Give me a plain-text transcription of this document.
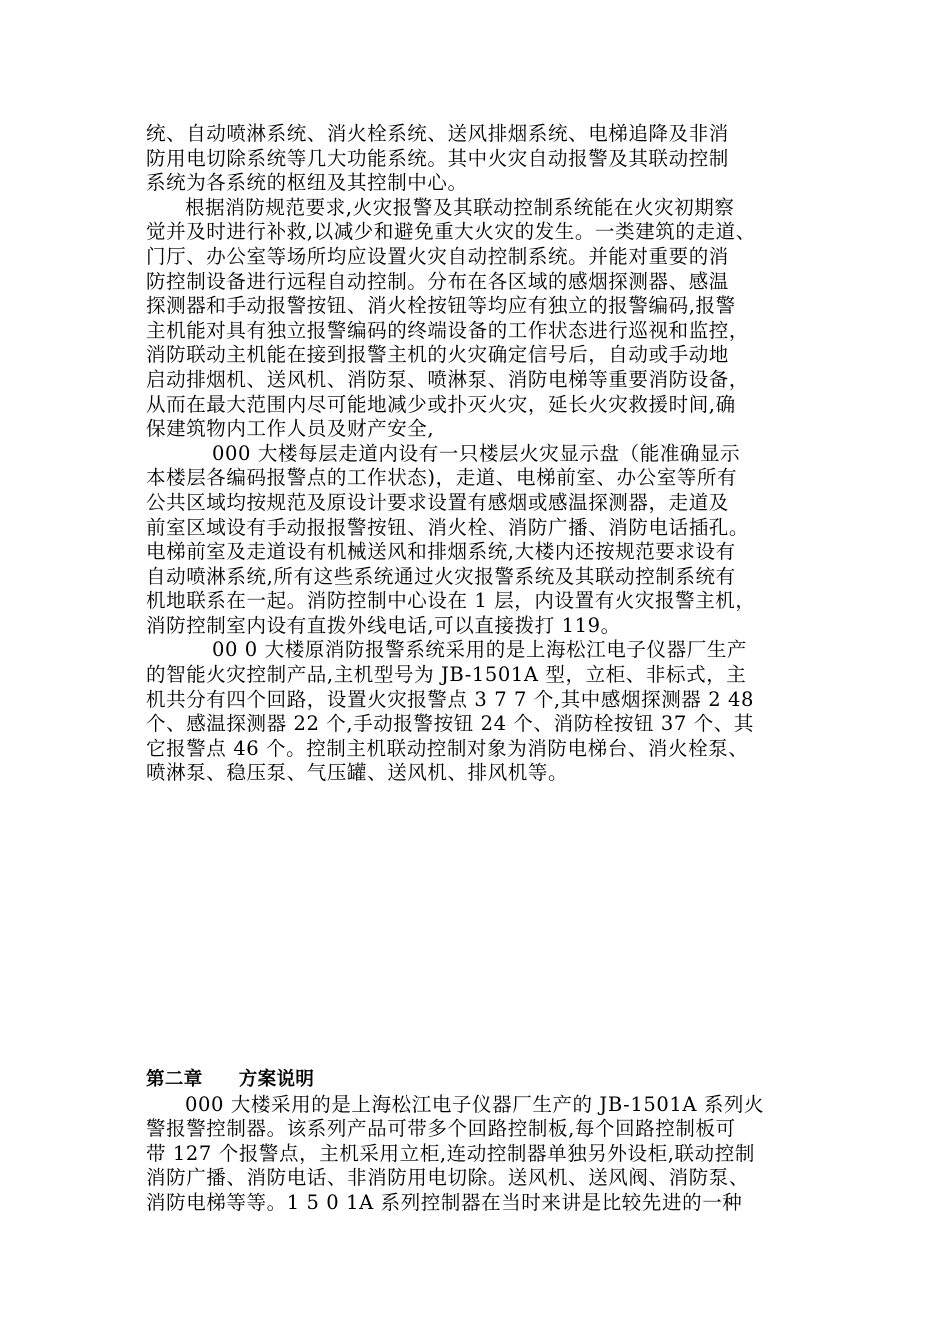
统、自动喷淋系统、消火栓系统、送风排烟系统、电梯追降及非消
防用电切除系统等几大功能系统。其中火灾自动报警及其联动控制
系统为各系统的枢纽及其控制中心。
根据消防规范要求,火灾报警及其联动控制系统能在火灾初期察
觉并及时进行补救,以减少和避免重大火灾的发生。一类建筑的走道、
门厅、办公室等场所均应设置火灾自动控制系统。并能对重要的消
防控制设备进行远程自动控制。分布在各区域的感烟探测器、感温
探测器和手动报警按钮、消火栓按钮等均应有独立的报警编码,报警
主机能对具有独立报警编码的终端设备的工作状态进行巡视和监控，
消防联动主机能在接到报警主机的火灾确定信号后，自动或手动地
启动排烟机、送风机、消防泵、喷淋泵、消防电梯等重要消防设备，
从而在最大范围内尽可能地减少或扑灭火灾，延长火灾救援时间,确
保建筑物内工作人员及财产安全,
000 大楼每层走道内设有一只楼层火灾显示盘（能准确显示
本楼层各编码报警点的工作状态)，走道、电梯前室、办公室等所有
公共区域均按规范及原设计要求设置有感烟或感温探测器，走道及
前室区域设有手动报报警按钮、消火栓、消防广播、消防电话插孔。
电梯前室及走道设有机械送风和排烟系统,大楼内还按规范要求设有
自动喷淋系统,所有这些系统通过火灾报警系统及其联动控制系统有
机地联系在一起。消防控制中心设在 1 层，内设置有火灾报警主机，
消防控制室内设有直拨外线电话,可以直接拨打 119。
00 0 大楼原消防报警系统采用的是上海松江电子仪器厂生产
的智能火灾控制产品,主机型号为 JB-1501A 型，立柜、非标式，主
机共分有四个回路，设置火灾报警点 3 7 7 个,其中感烟探测器 2 48
个、感温探测器 22 个,手动报警按钮 24 个、消防栓按钮 37 个、其
它报警点 46 个。控制主机联动控制对象为消防电梯台、消火栓泵、
喷淋泵、稳压泵、气压罐、送风机、排风机等。
第二章 方案说明
000 大楼采用的是上海松江电子仪器厂生产的 JB-1501A 系列火
警报警控制器。该系列产品可带多个回路控制板,每个回路控制板可
带 127 个报警点，主机采用立柜,连动控制器单独另外设柜,联动控制
消防广播、消防电话、非消防用电切除。送风机、送风阀、消防泵、
消防电梯等等。1 5 0 1A 系列控制器在当时来讲是比较先进的一种
